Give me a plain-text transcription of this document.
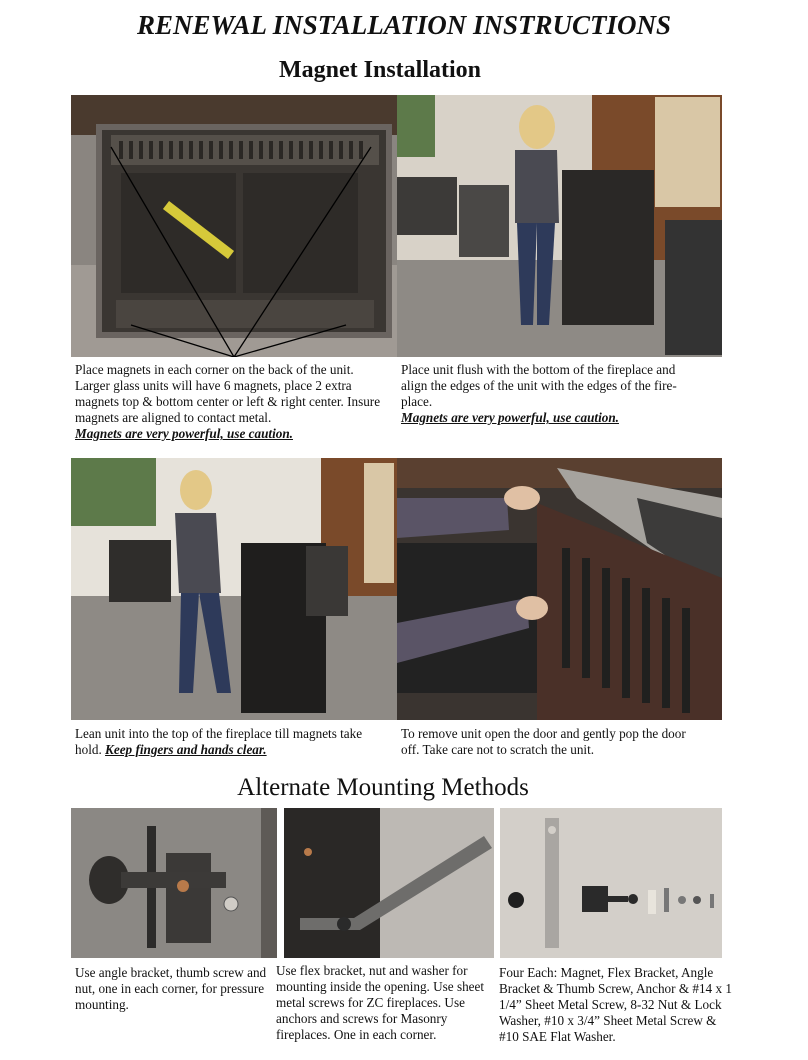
RENEWAL INSTALLATION INSTRUCTIONS
Magnet Installation
Place magnets in each corner on the back of the unit. Larger glass units will have 6 magnets, place 2 extra magnets top & bottom center or left & right center. Insure magnets are aligned to contact metal.
Magnets are very powerful, use caution.
Place unit flush with the bottom of the fireplace and align the edges of the unit with the edges of the fire-place.
Magnets are very powerful, use caution.
Lean unit into the top of the fireplace till magnets take hold. Keep fingers and hands clear.
To remove unit open the door and gently pop the door off. Take care not to scratch the unit.
Alternate Mounting Methods
Use angle bracket, thumb screw and nut, one in each corner, for pressure mounting.
Use flex bracket, nut and washer for mounting inside the opening. Use sheet metal screws for ZC fireplaces. Use anchors and screws for Masonry fireplaces. One in each corner.
Four Each: Magnet, Flex Bracket, Angle Bracket & Thumb Screw, Anchor & #14 x 1 1/4” Sheet Metal Screw, 8-32 Nut & Lock Washer, #10 x 3/4” Sheet Metal Screw & #10 SAE Flat Washer.
